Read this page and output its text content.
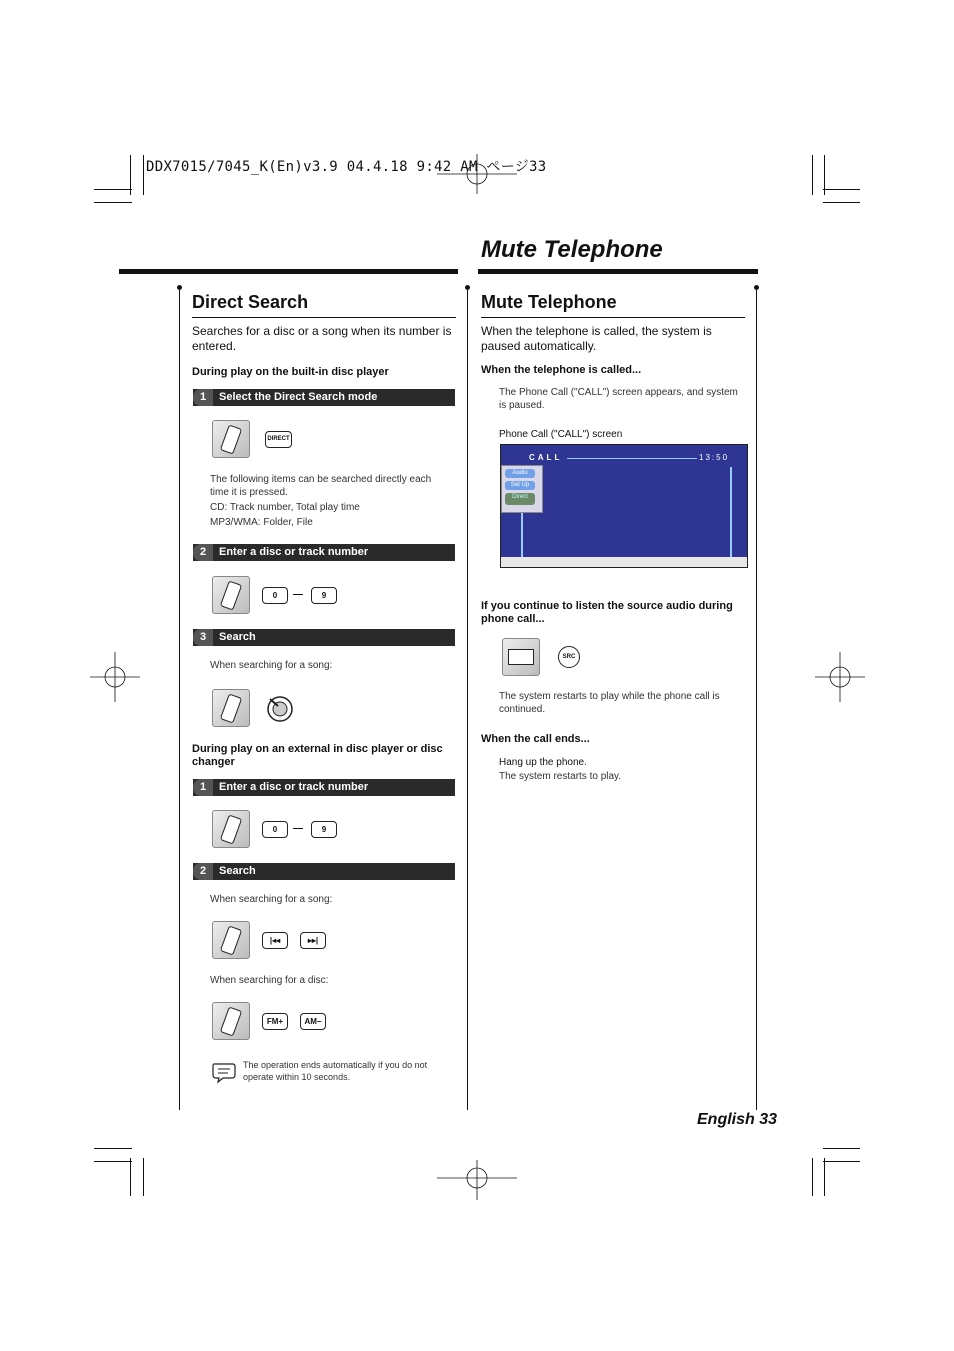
DDX7015/7045_K(En)v3.9 04.4.18 9:42 AM ページ33
Mute Telephone
Direct Search
Searches for a disc or a song when its number is entered.
During play on the built-in disc player
1	Select the Direct Search mode
DIRECT
The following items can be searched directly each
time it is pressed.
CD: Track number, Total play time
MP3/WMA: Folder, File
2	Enter a disc or track number
0	9
3	Search
When searching for a song:
During play on an external in disc player or disc changer
1	Enter a disc or track number
0	9
2	Search
When searching for a song:
|◂◂	▸▸|
When searching for a disc:
FM+	AM−
The operation ends automatically if you do not
operate within 10 seconds.
Mute Telephone
When the telephone is called, the system is paused automatically.
When the telephone is called...
The Phone Call ("CALL") screen appears, and system
is paused.
Phone Call ("CALL") screen
CALL	13:50
Audio
Set Up
Direct
If you continue to listen the source audio during phone call...
SRC
The system restarts to play while the phone call is
continued.
When the call ends...
Hang up the phone.
The system restarts to play.
English 33
